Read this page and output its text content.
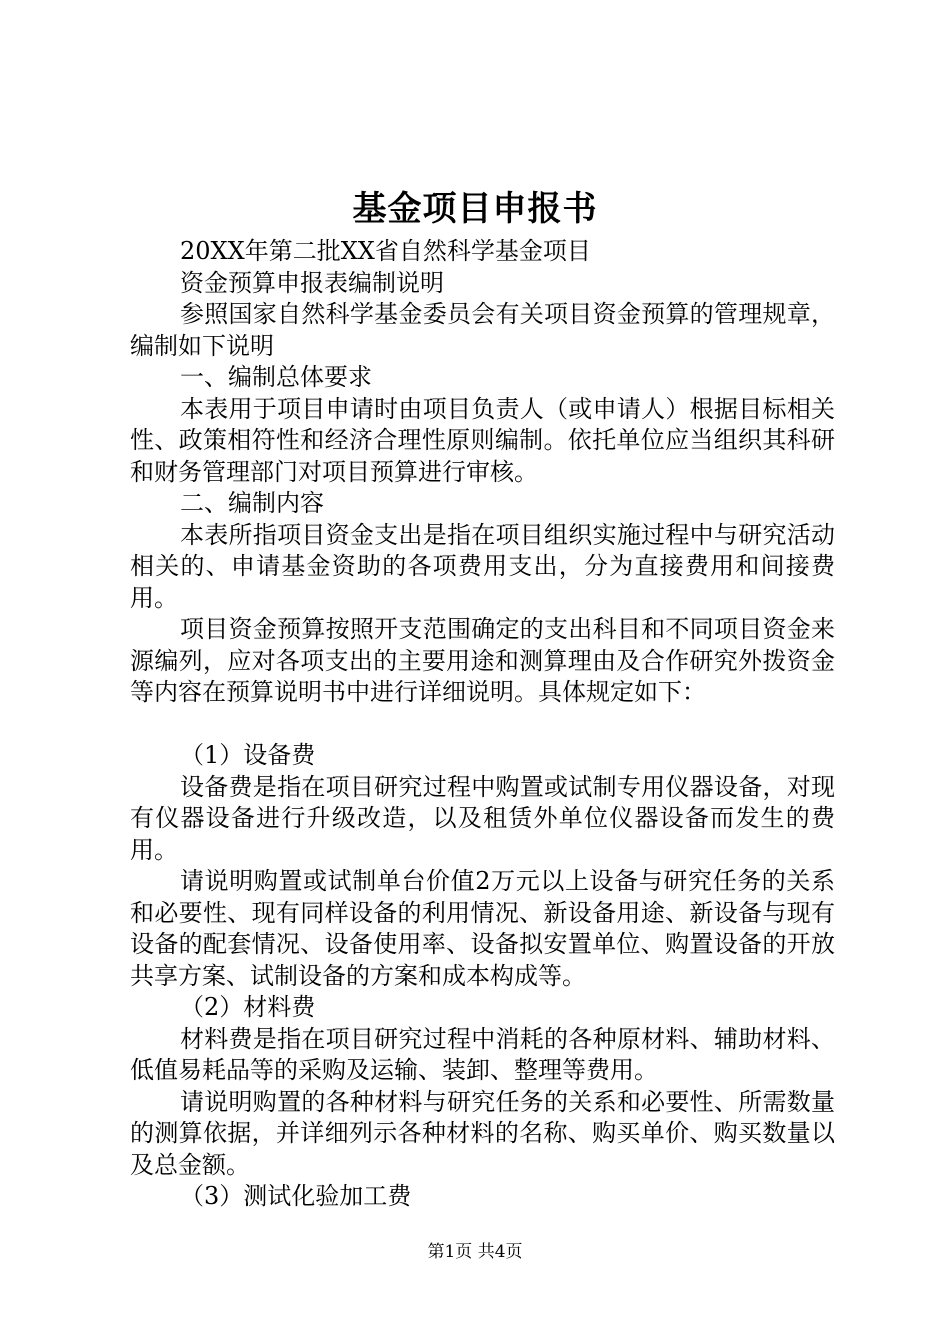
基金项目申报书

20XX年第二批XX省自然科学基金项目

资金预算申报表编制说明

参照国家自然科学基金委员会有关项目资金预算的管理规章，编制如下说明

一、编制总体要求

本表用于项目申请时由项目负责人（或申请人）根据目标相关性、政策相符性和经济合理性原则编制。依托单位应当组织其科研和财务管理部门对项目预算进行审核。

二、编制内容

本表所指项目资金支出是指在项目组织实施过程中与研究活动相关的、申请基金资助的各项费用支出，分为直接费用和间接费用。

项目资金预算按照开支范围确定的支出科目和不同项目资金来源编列，应对各项支出的主要用途和测算理由及合作研究外拨资金等内容在预算说明书中进行详细说明。具体规定如下：

（1）设备费

设备费是指在项目研究过程中购置或试制专用仪器设备，对现有仪器设备进行升级改造，以及租赁外单位仪器设备而发生的费用。

请说明购置或试制单台价值2万元以上设备与研究任务的关系和必要性、现有同样设备的利用情况、新设备用途、新设备与现有设备的配套情况、设备使用率、设备拟安置单位、购置设备的开放共享方案、试制设备的方案和成本构成等。

（2）材料费

材料费是指在项目研究过程中消耗的各种原材料、辅助材料、低值易耗品等的采购及运输、装卸、整理等费用。

请说明购置的各种材料与研究任务的关系和必要性、所需数量的测算依据，并详细列示各种材料的名称、购买单价、购买数量以及总金额。

（3）测试化验加工费

第1页 共4页
